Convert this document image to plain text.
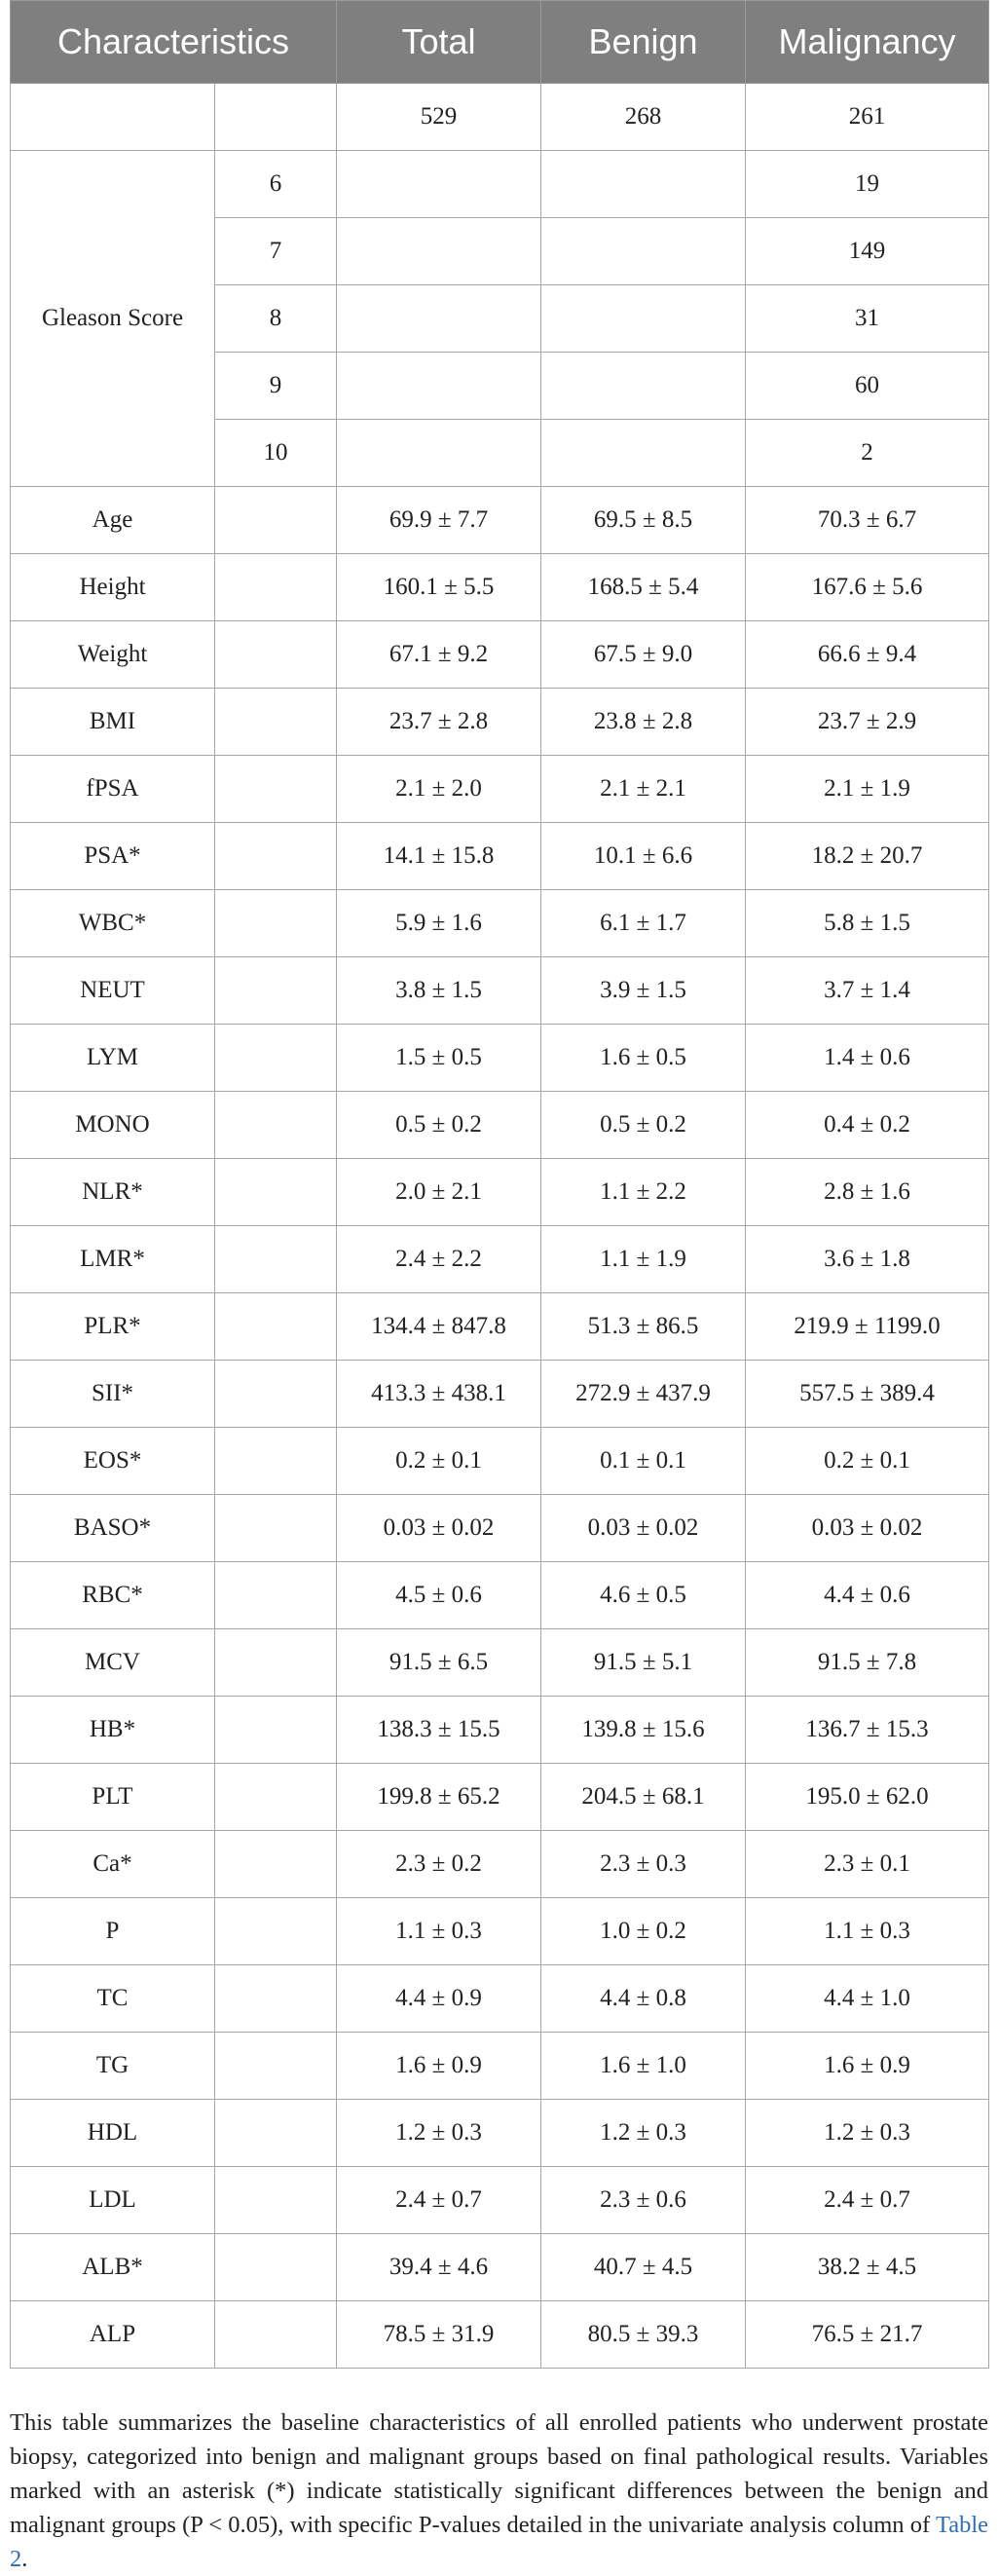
Characteristics		Total	Benign	Malignancy
		529	268	261
Gleason Score	6			19
	7			149
	8			31
	9			60
	10			2
Age		69.9 ± 7.7	69.5 ± 8.5	70.3 ± 6.7
Height		160.1 ± 5.5	168.5 ± 5.4	167.6 ± 5.6
Weight		67.1 ± 9.2	67.5 ± 9.0	66.6 ± 9.4
BMI		23.7 ± 2.8	23.8 ± 2.8	23.7 ± 2.9
fPSA		2.1 ± 2.0	2.1 ± 2.1	2.1 ± 1.9
PSA*		14.1 ± 15.8	10.1 ± 6.6	18.2 ± 20.7
WBC*		5.9 ± 1.6	6.1 ± 1.7	5.8 ± 1.5
NEUT		3.8 ± 1.5	3.9 ± 1.5	3.7 ± 1.4
LYM		1.5 ± 0.5	1.6 ± 0.5	1.4 ± 0.6
MONO		0.5 ± 0.2	0.5 ± 0.2	0.4 ± 0.2
NLR*		2.0 ± 2.1	1.1 ± 2.2	2.8 ± 1.6
LMR*		2.4 ± 2.2	1.1 ± 1.9	3.6 ± 1.8
PLR*		134.4 ± 847.8	51.3 ± 86.5	219.9 ± 1199.0
SII*		413.3 ± 438.1	272.9 ± 437.9	557.5 ± 389.4
EOS*		0.2 ± 0.1	0.1 ± 0.1	0.2 ± 0.1
BASO*		0.03 ± 0.02	0.03 ± 0.02	0.03 ± 0.02
RBC*		4.5 ± 0.6	4.6 ± 0.5	4.4 ± 0.6
MCV		91.5 ± 6.5	91.5 ± 5.1	91.5 ± 7.8
HB*		138.3 ± 15.5	139.8 ± 15.6	136.7 ± 15.3
PLT		199.8 ± 65.2	204.5 ± 68.1	195.0 ± 62.0
Ca*		2.3 ± 0.2	2.3 ± 0.3	2.3 ± 0.1
P		1.1 ± 0.3	1.0 ± 0.2	1.1 ± 0.3
TC		4.4 ± 0.9	4.4 ± 0.8	4.4 ± 1.0
TG		1.6 ± 0.9	1.6 ± 1.0	1.6 ± 0.9
HDL		1.2 ± 0.3	1.2 ± 0.3	1.2 ± 0.3
LDL		2.4 ± 0.7	2.3 ± 0.6	2.4 ± 0.7
ALB*		39.4 ± 4.6	40.7 ± 4.5	38.2 ± 4.5
ALP		78.5 ± 31.9	80.5 ± 39.3	76.5 ± 21.7

This table summarizes the baseline characteristics of all enrolled patients who underwent prostate biopsy, categorized into benign and malignant groups based on final pathological results. Variables marked with an asterisk (*) indicate statistically significant differences between the benign and malignant groups (P < 0.05), with specific P-values detailed in the univariate analysis column of Table 2.
